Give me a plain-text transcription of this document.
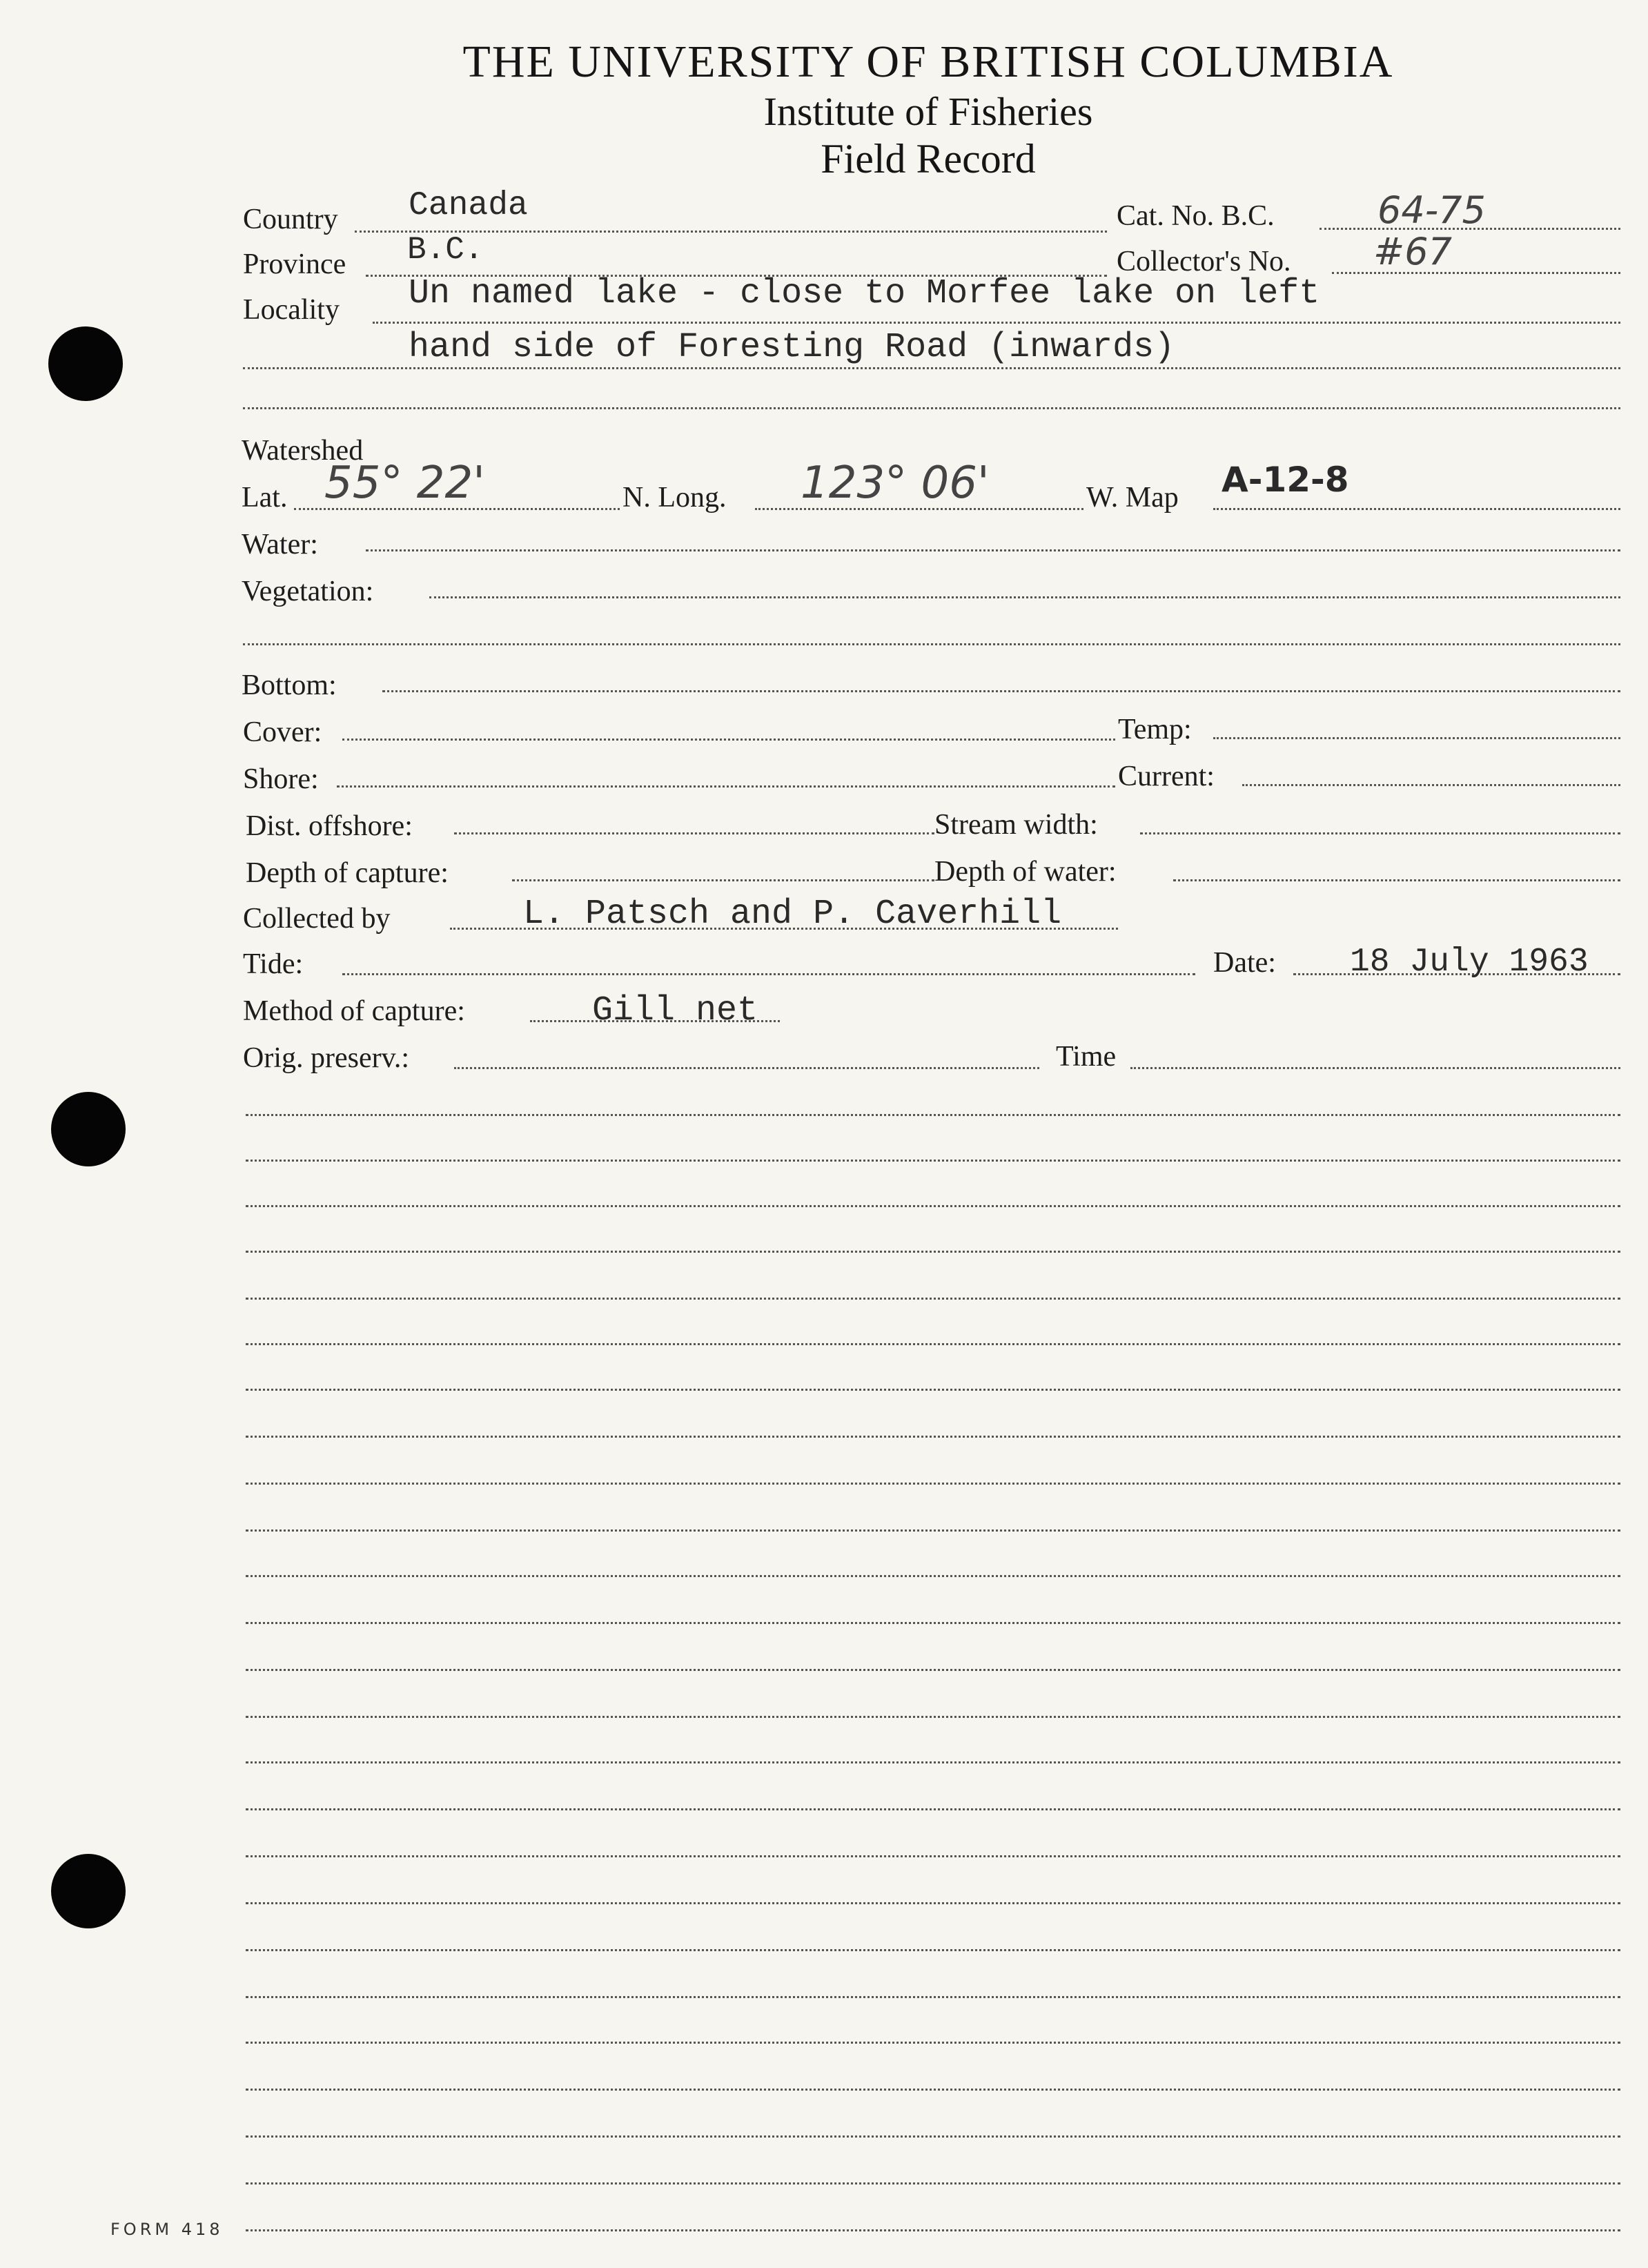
THE UNIVERSITY OF BRITISH COLUMBIA
Institute of Fisheries
Field Record
Country Canada	Cat. No. B.C.	64-75
Province B.C.	Collector's No. #67
Locality Un named lake - close to Morfee lake on left
hand side of Foresting Road (inwards)
Watershed
Lat. 55° 22'	N. Long. 123° 06'	W. Map A-12-8
Water:
Vegetation:
Bottom:
Cover:	Temp:
Shore:	Current:
Dist. offshore:	Stream width:
Depth of capture:	Depth of water:
Collected by	L. Patsch and P. Caverhill
Tide:	Date: 18 July 1963
Method of capture:	Gill net
Orig. preserv.:	Time
FORM 418
